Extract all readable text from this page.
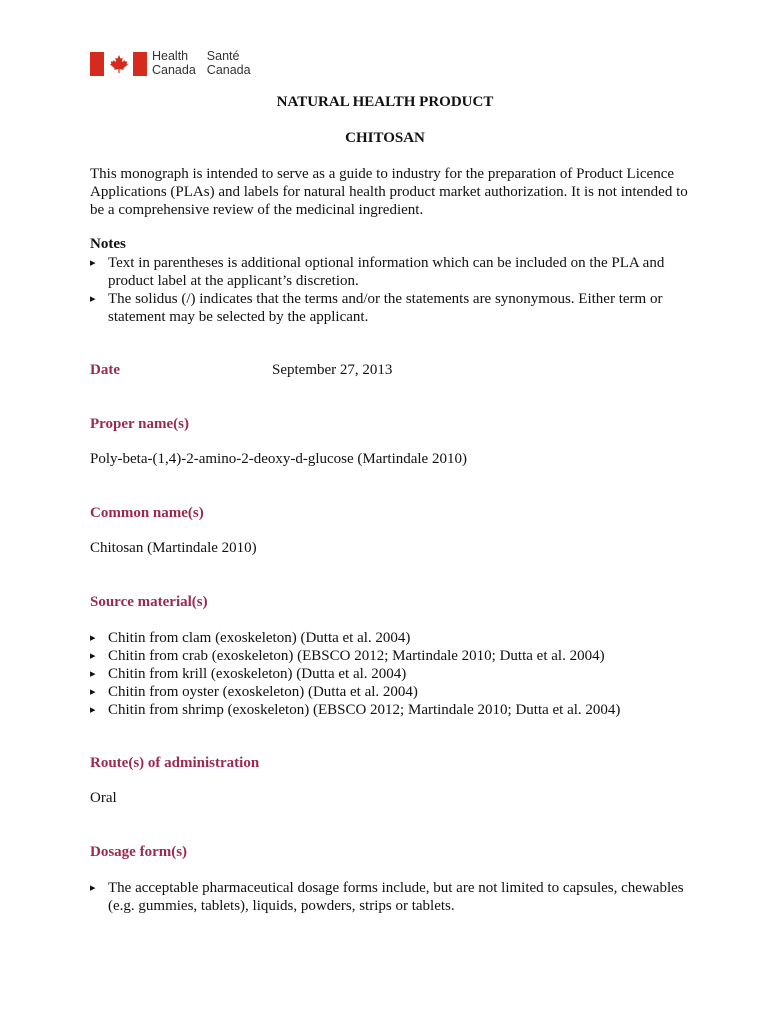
Health	Santé
Canada Canada
NATURAL HEALTH PRODUCT
CHITOSAN
This monograph is intended to serve as a guide to industry for the preparation of Product Licence Applications (PLAs) and labels for natural health product market authorization. It is not intended to be a comprehensive review of the medicinal ingredient.
Notes
▸ Text in parentheses is additional optional information which can be included on the PLA and product label at the applicant’s discretion.
▸ The solidus (/) indicates that the terms and/or the statements are synonymous. Either term or statement may be selected by the applicant.
Date	September 27, 2013
Proper name(s)
Poly-beta-(1,4)-2-amino-2-deoxy-d-glucose (Martindale 2010)
Common name(s)
Chitosan (Martindale 2010)
Source material(s)
▸ Chitin from clam (exoskeleton) (Dutta et al. 2004)
▸ Chitin from crab (exoskeleton) (EBSCO 2012; Martindale 2010; Dutta et al. 2004)
▸ Chitin from krill (exoskeleton) (Dutta et al. 2004)
▸ Chitin from oyster (exoskeleton) (Dutta et al. 2004)
▸ Chitin from shrimp (exoskeleton) (EBSCO 2012; Martindale 2010; Dutta et al. 2004)
Route(s) of administration
Oral
Dosage form(s)
▸ The acceptable pharmaceutical dosage forms include, but are not limited to capsules, chewables (e.g. gummies, tablets), liquids, powders, strips or tablets.
